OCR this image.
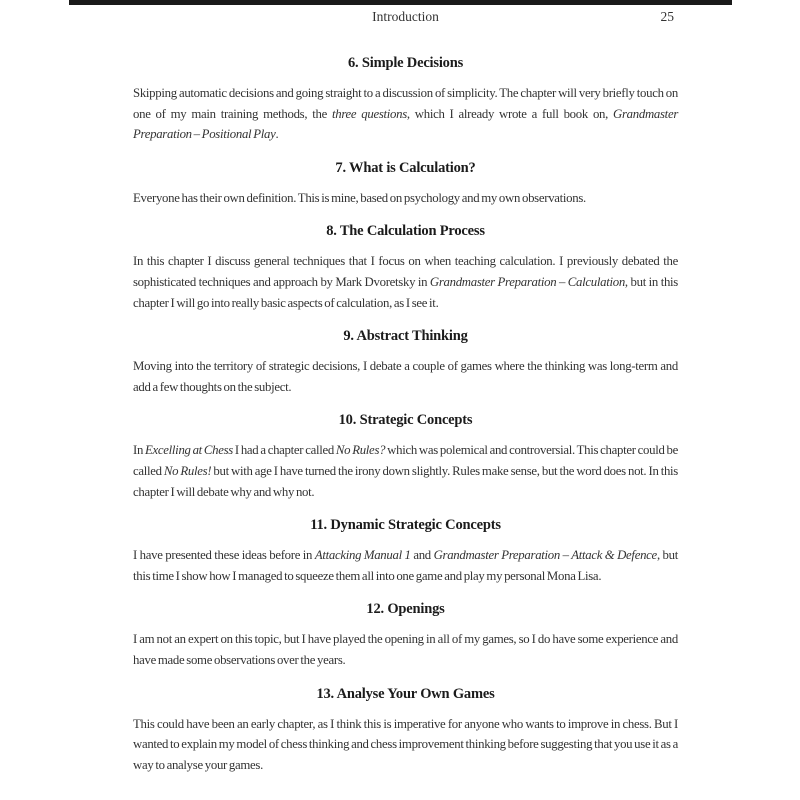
Introduction	25
6. Simple Decisions

Skipping automatic decisions and going straight to a discussion of simplicity. The chapter will very briefly touch on one of my main training methods, the three questions, which I already wrote a full book on, Grandmaster Preparation – Positional Play.

7. What is Calculation?

Everyone has their own definition. This is mine, based on psychology and my own observations.

8. The Calculation Process

In this chapter I discuss general techniques that I focus on when teaching calculation. I previously debated the sophisticated techniques and approach by Mark Dvoretsky in Grandmaster Preparation – Calculation, but in this chapter I will go into really basic aspects of calculation, as I see it.

9. Abstract Thinking

Moving into the territory of strategic decisions, I debate a couple of games where the thinking was long-term and add a few thoughts on the subject.

10. Strategic Concepts

In Excelling at Chess I had a chapter called No Rules? which was polemical and controversial. This chapter could be called No Rules! but with age I have turned the irony down slightly. Rules make sense, but the word does not. In this chapter I will debate why and why not.

11. Dynamic Strategic Concepts

I have presented these ideas before in Attacking Manual 1 and Grandmaster Preparation – Attack & Defence, but this time I show how I managed to squeeze them all into one game and play my personal Mona Lisa.

12. Openings

I am not an expert on this topic, but I have played the opening in all of my games, so I do have some experience and have made some observations over the years.

13. Analyse Your Own Games

This could have been an early chapter, as I think this is imperative for anyone who wants to improve in chess. But I wanted to explain my model of chess thinking and chess improvement thinking before suggesting that you use it as a way to analyse your games.
